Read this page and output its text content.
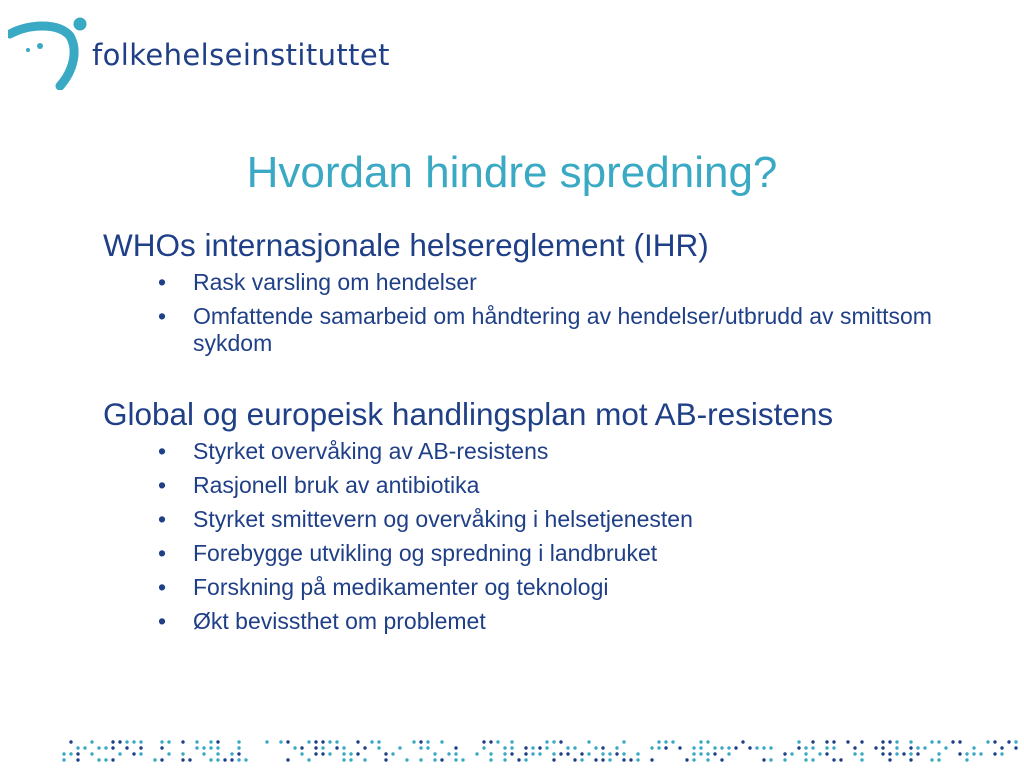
folkehelseinstituttet
Hvordan hindre spredning?

WHOs internasjonale helsereglement (IHR)

• Rask varsling om hendelser
• Omfattende samarbeid om håndtering av hendelser/utbrudd av smittsom sykdom

Global og europeisk handlingsplan mot AB-resistens

• Styrket overvåking av AB-resistens
• Rasjonell bruk av antibiotika
• Styrket smittevern og overvåking i helsetjenesten
• Forebygge utvikling og spredning i landbruket
• Forskning på medikamenter og teknologi
• Økt bevissthet om problemet
